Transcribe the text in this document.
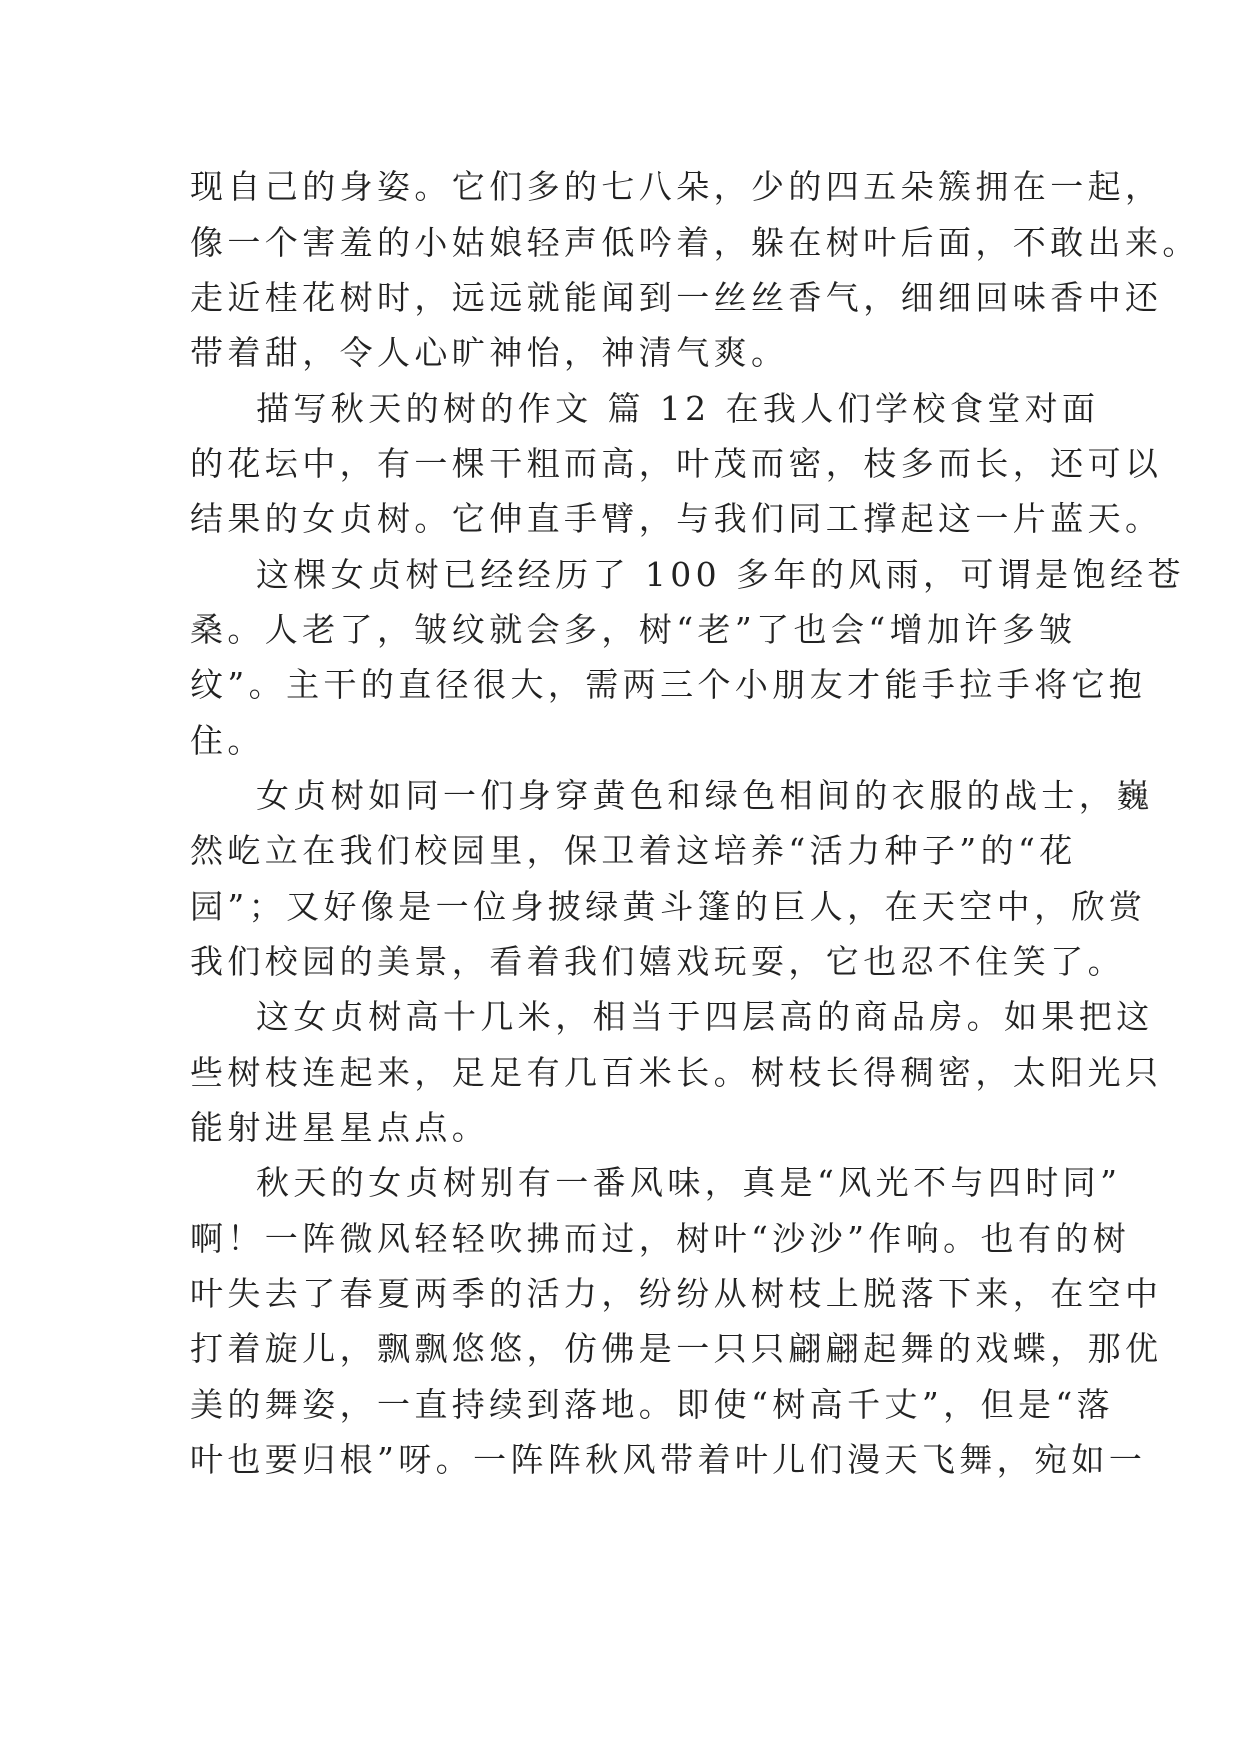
现自己的身姿。它们多的七八朵，少的四五朵簇拥在一起，
像一个害羞的小姑娘轻声低吟着，躲在树叶后面，不敢出来。
走近桂花树时，远远就能闻到一丝丝香气，细细回味香中还
带着甜，令人心旷神怡，神清气爽。
描写秋天的树的作文 篇 12 在我人们学校食堂对面
的花坛中，有一棵干粗而高，叶茂而密，枝多而长，还可以
结果的女贞树。它伸直手臂，与我们同工撑起这一片蓝天。
这棵女贞树已经经历了 100 多年的风雨，可谓是饱经苍
桑。人老了，皱纹就会多，树“老”了也会“增加许多皱
纹”。主干的直径很大，需两三个小朋友才能手拉手将它抱
住。
女贞树如同一们身穿黄色和绿色相间的衣服的战士，巍
然屹立在我们校园里，保卫着这培养“活力种子”的“花
园”；又好像是一位身披绿黄斗篷的巨人，在天空中，欣赏
我们校园的美景，看着我们嬉戏玩耍，它也忍不住笑了。
这女贞树高十几米，相当于四层高的商品房。如果把这
些树枝连起来，足足有几百米长。树枝长得稠密，太阳光只
能射进星星点点。
秋天的女贞树别有一番风味，真是“风光不与四时同”
啊！一阵微风轻轻吹拂而过，树叶“沙沙”作响。也有的树
叶失去了春夏两季的活力，纷纷从树枝上脱落下来，在空中
打着旋儿，飘飘悠悠，仿佛是一只只翩翩起舞的戏蝶，那优
美的舞姿，一直持续到落地。即使“树高千丈”，但是“落
叶也要归根”呀。一阵阵秋风带着叶儿们漫天飞舞，宛如一
